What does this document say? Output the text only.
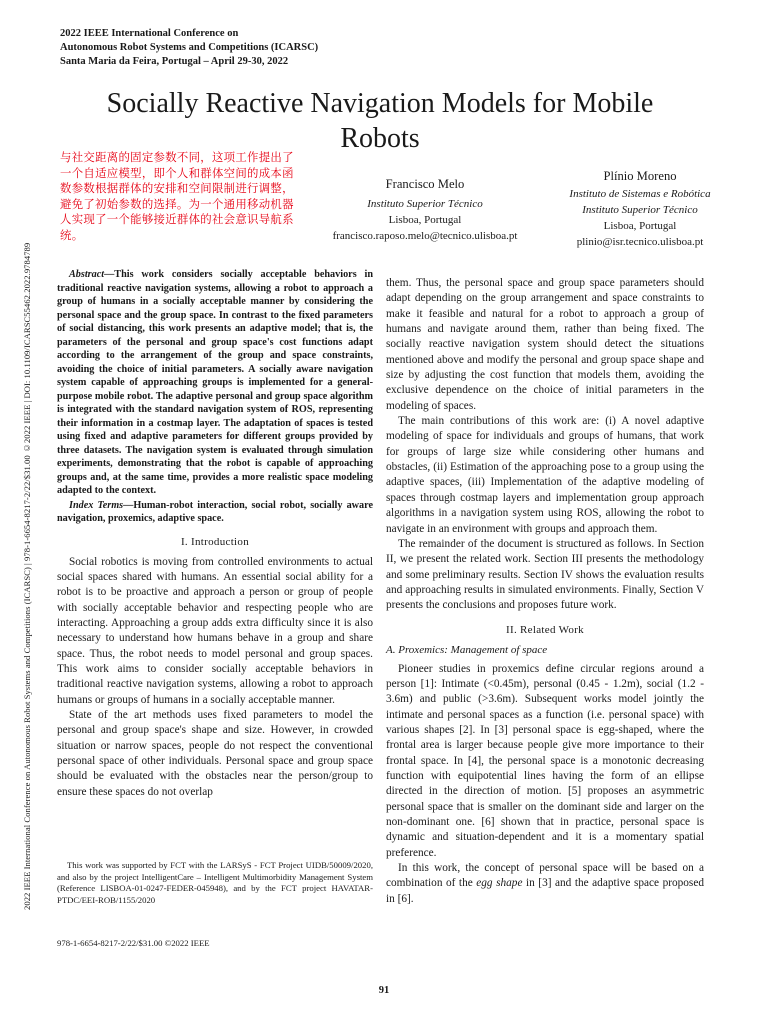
2022 IEEE International Conference on Autonomous Robot Systems and Competitions (ICARSC) | 978-1-6654-8217-2/22/$31.00 ©2022 IEEE | DOI: 10.1109/ICARSC55462.2022.9784789
2022 IEEE International Conference on
Autonomous Robot Systems and Competitions (ICARSC)
Santa Maria da Feira, Portugal – April 29-30, 2022
Socially Reactive Navigation Models for Mobile Robots
与社交距离的固定参数不同，这项工作提出了一个自适应模型，即个人和群体空间的成本函数参数根据群体的安排和空间限制进行调整，避免了初始参数的选择。为一个通用移动机器人实现了一个能够接近群体的社会意识导航系统。
Francisco Melo
Instituto Superior Técnico
Lisboa, Portugal
francisco.raposo.melo@tecnico.ulisboa.pt
Plínio Moreno
Instituto de Sistemas e Robótica
Instituto Superior Técnico
Lisboa, Portugal
plinio@isr.tecnico.ulisboa.pt

Abstract—This work considers socially acceptable behaviors in traditional reactive navigation systems, allowing a robot to approach a group of humans in a socially acceptable manner by considering the personal space and the group space. In contrast to the fixed parameters of social distancing, this work presents an adaptive model; that is, the parameters of the personal and group space's cost functions adapt according to the arrangement of the group and space constraints, avoiding the choice of initial parameters. A socially aware navigation system capable of approaching groups is implemented for a general-purpose mobile robot. The adaptive personal and group space algorithm is integrated with the standard navigation system of ROS, representing their information in a costmap layer. The adaptation of spaces is tested using fixed and adaptive parameters for different groups provided by three datasets. The navigation system is evaluated through simulation experiments, demonstrating that the robot is capable of approaching groups and, at the same time, provides a more realistic space modeling adapted to the context.

Index Terms—Human-robot interaction, social robot, socially aware navigation, proxemics, adaptive space.

I. Introduction

Social robotics is moving from controlled environments to actual social spaces shared with humans. An essential social ability for a robot is to be proactive and approach a person or group of people with socially acceptable behavior and respecting people who are interacting. Approaching a group adds extra difficulty since it is also necessary to understand how humans behave in a group and share space. Thus, the robot needs to model personal and group spaces. This work aims to consider socially acceptable behaviors in traditional reactive navigation systems, allowing a robot to approach humans or groups of humans in a socially acceptable manner.

State of the art methods uses fixed parameters to model the personal and group space's shape and size. However, in crowded situation or narrow spaces, people do not respect the conventional personal space of other individuals. Personal space and group space should be evaluated with the obstacles near the person/group to ensure these spaces do not overlap

This work was supported by FCT with the LARSyS - FCT Project UIDB/50009/2020, and also by the project IntelligentCare – Intelligent Multimorbidity Management System (Reference LISBOA-01-0247-FEDER-045948), and by the FCT project HAVATAR-PTDC/EEI-ROB/1155/2020

978-1-6654-8217-2/22/$31.00 ©2022 IEEE

them. Thus, the personal space and group space parameters should adapt depending on the group arrangement and space constraints to make it feasible and natural for a robot to approach a group of humans and navigate around them, rather than being fixed. The socially reactive navigation system should detect the situations mentioned above and modify the personal and group space shape and size by adjusting the cost function that models them, avoiding the exclusive dependence on the choice of initial parameters in the modeling of spaces.

The main contributions of this work are: (i) A novel adaptive modeling of space for individuals and groups of humans, that work for groups of large size while considering other humans and obstacles, (ii) Estimation of the approaching pose to a group using the adaptive spaces, (iii) Implementation of the adaptive modeling of spaces through costmap layers and implementation group approach algorithms in a navigation system using ROS, allowing the robot to navigate in an environment with groups and approach them.

The remainder of the document is structured as follows. In Section II, we present the related work. Section III presents the methodology and some preliminary results. Section IV shows the evaluation results and approaching results in simulated environments. Finally, Section V presents the conclusions and proposes future work.

II. Related Work
A. Proxemics: Management of space

Pioneer studies in proxemics define circular regions around a person [1]: Intimate (<0.45m), personal (0.45 - 1.2m), social (1.2 - 3.6m) and public (>3.6m). Subsequent works model jointly the intimate and personal spaces as a function (i.e. personal space) with various shapes [2]. In [3] personal space is egg-shaped, where the frontal area is larger because people give more importance to their frontal space. In [4], the personal space is a monotonic decreasing function with equipotential lines having the form of an ellipse directed in the direction of motion. [5] proposes an asymmetric personal space that is smaller on the dominant side and larger on the non-dominant one. [6] shown that in practice, personal space is dynamic and situation-dependent and it is a momentary spatial preference.

In this work, the concept of personal space will be based on a combination of the egg shape in [3] and the adaptive space proposed in [6].

91
